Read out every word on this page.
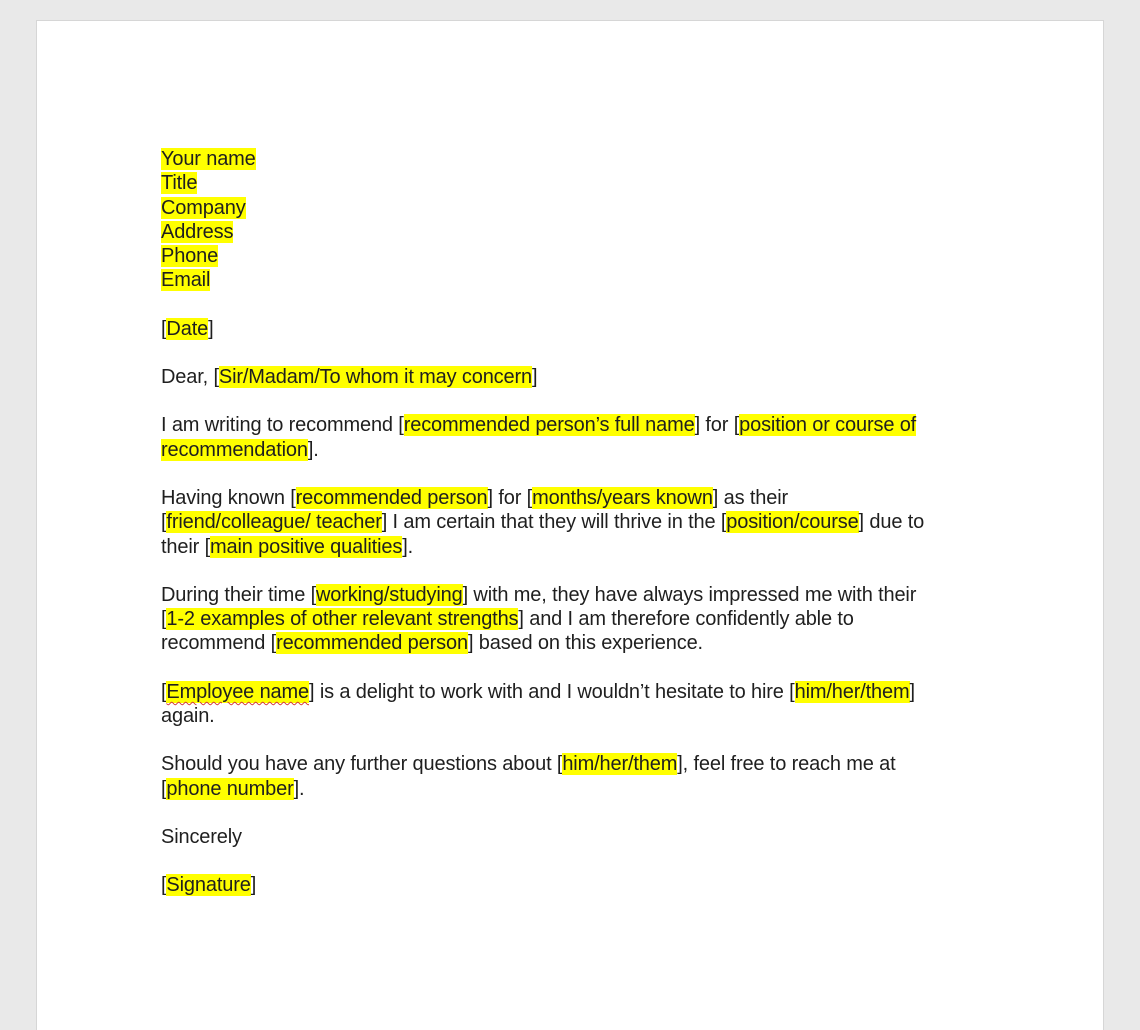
Your name
Title
Company
Address
Phone
Email
[Date]
Dear, [Sir/Madam/To whom it may concern]
I am writing to recommend [recommended person’s full name] for [position or course of
recommendation].
Having known [recommended person] for [months/years known] as their
[friend/colleague/ teacher] I am certain that they will thrive in the [position/course] due to
their [main positive qualities].
During their time [working/studying] with me, they have always impressed me with their
[1-2 examples of other relevant strengths] and I am therefore confidently able to
recommend [recommended person] based on this experience.
[Employee name] is a delight to work with and I wouldn’t hesitate to hire [him/her/them]
again.
Should you have any further questions about [him/her/them], feel free to reach me at
[phone number].
Sincerely
[Signature]
